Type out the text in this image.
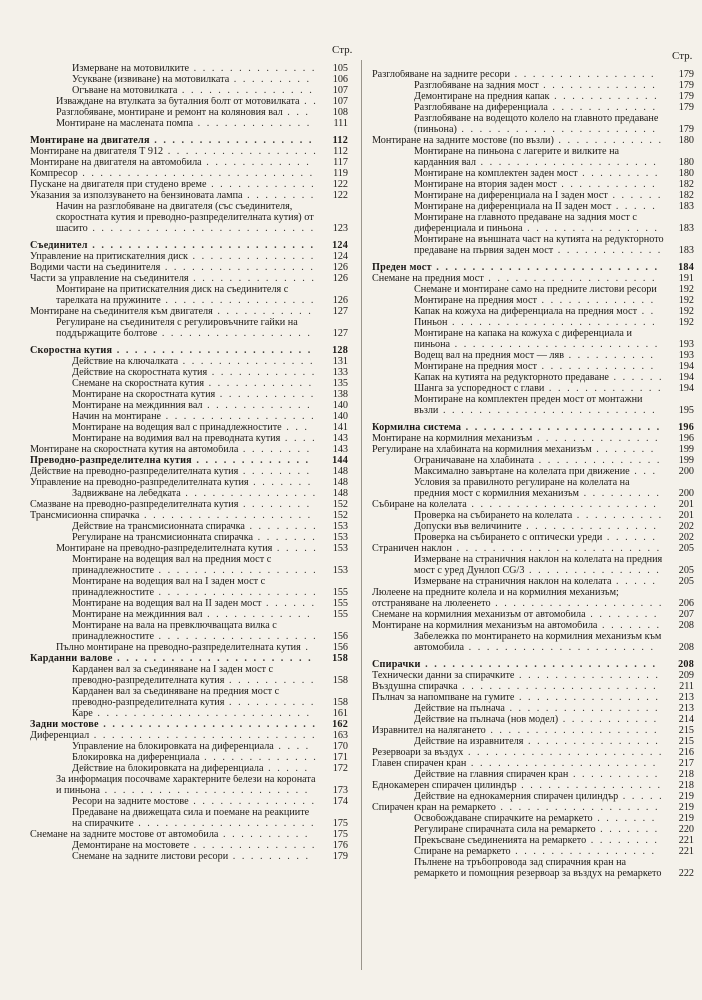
Стр.	Стр.
Измерване на мотовилките . . .	105
Усукване (извиване) на мотовилката . . .	106
Огъване на мотовилката . . .	107
Изваждане на втулката за буталния болт от мотовилката . . .	107
Разглобяване, монтиране и ремонт на коляновия вал . . .	108
Монтиране на маслената помпа . . .	111
Монтиране на двигателя . . .	112
Монтиране на двигателя Т 912 . . .	112
Монтиране на двигателя на автомобила . . .	117
Компресор . . .	119
Пускане на двигателя при студено време . . .	122
Указания за използуването на бензиновата лампа . . .	122
Начин на разглобяване на двигателя (със съединителя, скоростната кутия и преводно-разпределителната кутия) от шасито . . .	123
Съединител . . .	124
Управление на притискателния диск . . .	124
Водими части на съединителя . . .	126
Части за управление на съединителя . . .	126
Монтиране на притискателния диск на съединителя с тарелката на пружините . . .	126
Монтиране на съединителя към двигателя . . .	127
Регулиране на съединителя с регулировъчните гайки на поддържащите болтове . . .	127
Скоростна кутия . . .	128
Действие на ключалката . . .	131
Действие на скоростната кутия . . .	133
Снемане на скоростната кутия . . .	135
Монтиране на скоростната кутия . . .	138
Монтиране на междинния вал . . .	140
Начин на монтиране . . .	140
Монтиране на водещия вал с принадлежностите . . .	141
Монтиране на водимия вал на преводната кутия . . .	143
Монтиране на скоростната кутия на автомобила . . .	143
Преводно-разпределителна кутия . . .	144
Действие на преводно-разпределителната кутия . . .	148
Управление на преводно-разпределителната кутия . . .	148
Задвижване на лебедката . . .	148
Смазване на преводно-разпределителната кутия . . .	152
Трансмисионна спирачка . . .	152
Действие на трансмисионната спирачка . . .	153
Регулиране на трансмисионната спирачка . . .	153
Монтиране на преводно-разпределителната кутия . . .	153
Монтиране на водещия вал на предния мост с принадлежностите . . .	153
Монтиране на водещия вал на I заден мост с принадлежностите . . .	155
Монтиране на водещия вал на II заден мост . . .	155
Монтиране на междинния вал . . .	155
Монтиране на вала на превключващата вилка с принадлежностите . . .	156
Пълно монтиране на преводно-разпределителната кутия . . .	156
Карданни валове . . .	158
Карданен вал за съединяване на I заден мост с преводно-разпределителната кутия . . .	158
Карданен вал за съединяване на предния мост с преводно-разпределителната кутия . . .	158
Каре . . .	161
Задни мостове . . .	162
Диференциал . . .	163
Управление на блокировката на диференциала . . .	170
Блокировка на диференциала . . .	171
Действие на блокировката на диференциала . . .	172
За информация посочваме характерните белези на короната и пиньона . . .	173
Ресори на задните мостове . . .	174
Предаване на движещата сила и поемане на реакциите на спирачките . . .	175
Снемане на задните мостове от автомобила . . .	175
Демонтиране на мостовете . . .	176
Снемане на задните листови ресори . . .	179
Разглобяване на задните ресори . . .	179
Разглобяване на задния мост . . .	179
Демонтиране на предния капак . . .	179
Разглобяване на диференциала . . .	179
Разглобяване на водещото колело на главното предаване (пиньона) . . .	179
Монтиране на задните мостове (по възли) . . .	180
Монтиране на пиньона с лагерите и вилките на карданния вал . . .	180
Монтиране на комплектен заден мост . . .	180
Монтиране на втория заден мост . . .	182
Монтиране на диференциала на I заден мост . . .	182
Монтиране на диференциала на II заден мост . . .	183
Монтиране на главното предаване на задния мост с диференциала и пиньона . . .	183
Монтиране на външната част на кутията на редукторното предаване на първия заден мост . . .	183
Преден мост . . .	184
Снемане на предния мост . . .	191
Снемане и монтиране само на предните листови ресори . . .	192
Монтиране на предния мост . . .	192
Капак на кожуха на диференциала на предния мост . . .	192
Пиньон . . .	192
Монтиране на капака на кожуха с диференциала и пиньона . . .	193
Водещ вал на предния мост — ляв . . .	193
Монтиране на предния мост . . .	194
Капак на кутията на редукторното предаване . . .	194
Шанга за успоредност с глави . . .	194
Монтиране на комплектен преден мост от монтажни възли . . .	195
Кормилна система . . .	196
Монтиране на кормилния механизъм . . .	196
Регулиране на хлабината на кормилния механизъм . . .	199
Ограничаване на хлабината . . .	199
Максимално завъртане на колелата при движение . . .	200
Условия за правилното регулиране на колелата на предния мост с кормилния механизъм . . .	200
Събиране на колелата . . .	201
Проверка на събирането на колелата . . .	201
Допуски във величините . . .	202
Проверка на събирането с оптически уреди . . .	202
Страничен наклон . . .	205
Измерване на страничния наклон на колелата на предния мост с уред Дунлоп CG/3 . . .	205
Измерване на страничния наклон на колелата . . .	205
Люлеене на предните колела и на кормилния механизъм; отстраняване на люлеенето . . .	206
Снемане на кормилния механизъм от автомобила . . .	207
Монтиране на кормилния механизъм на автомобила . . .	208
Забележка по монтирането на кормилния механизъм към автомобила . . .	208
Спирачки . . .	208
Технически данни за спирачките . . .	209
Въздушна спирачка . . .	211
Пълнач за напомпване на гумите . . .	213
Действие на пълнача . . .	213
Действие на пълнача (нов модел) . . .	214
Изравнител на налягането . . .	215
Действие на изравнителя . . .	215
Резервоари за въздух . . .	216
Главен спирачен кран . . .	217
Действие на главния спирачен кран . . .	218
Еднокамерен спирачен цилиндър . . .	218
Действие на еднокамерния спирачен цилиндър . . .	219
Спирачен кран на ремаркето . . .	219
Освобождаване спирачките на ремаркето . . .	219
Регулиране спирачната сила на ремаркето . . .	220
Прекъсване съединенията на ремаркето . . .	221
Спиране на ремаркето . . .	221
Пълнене на тръбопровода зад спирачния кран на ремаркето и помощния резервоар за въздух на ремаркето . . .	222
